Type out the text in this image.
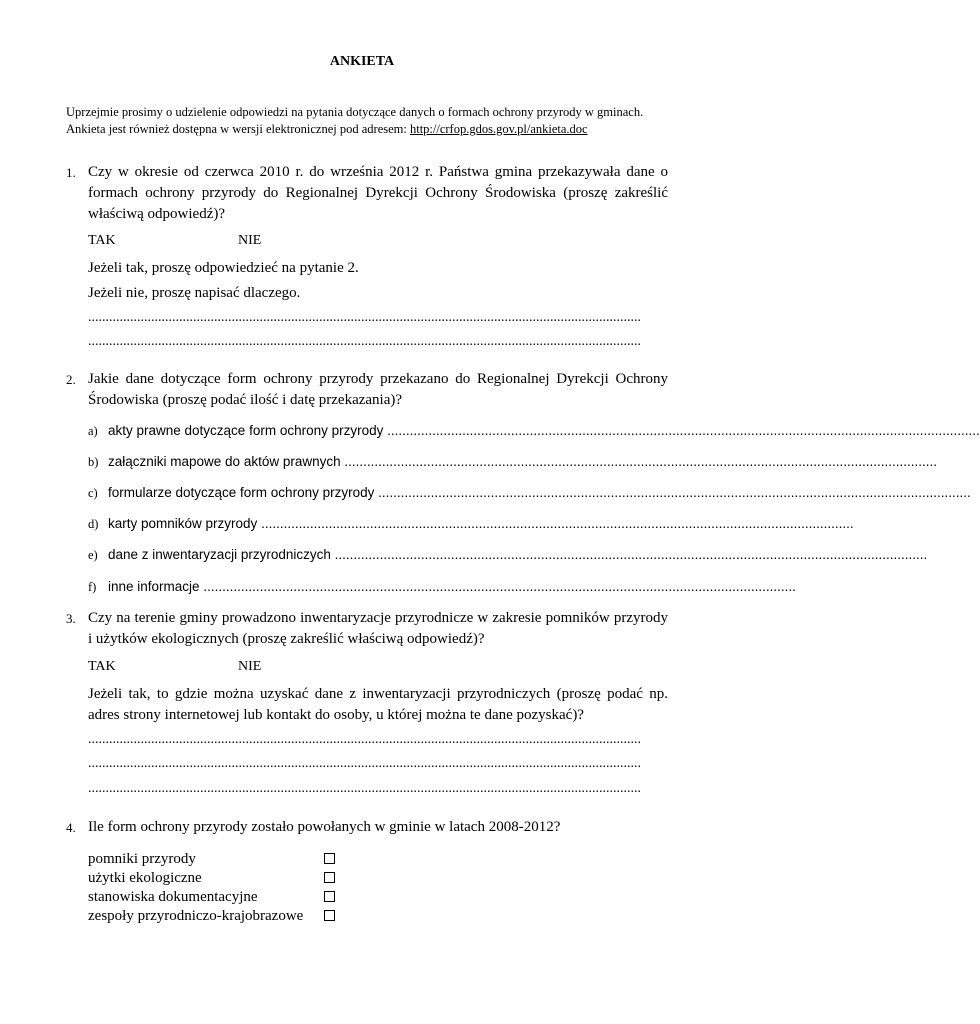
ANKIETA

Uprzejmie prosimy o udzielenie odpowiedzi na pytania dotyczące danych o formach ochrony przyrody w gminach.

Ankieta jest również dostępna w wersji elektronicznej pod adresem: http://crfop.gdos.gov.pl/ankieta.doc

1. Czy w okresie od czerwca 2010 r. do września 2012 r. Państwa gmina przekazywała dane o formach ochrony przyrody do Regionalnej Dyrekcji Ochrony Środowiska (proszę zakreślić właściwą odpowiedź)?
TAK	NIE
Jeżeli tak, proszę odpowiedzieć na pytanie 2.
Jeżeli nie, proszę napisać dlaczego.
..............................................................................................................................................................
..............................................................................................................................................................
2. Jakie dane dotyczące form ochrony przyrody przekazano do Regionalnej Dyrekcji Ochrony Środowiska (proszę podać ilość i datę przekazania)?
a) akty prawne dotyczące form ochrony przyrody ..............................................................................................................................................................
b) załączniki mapowe do aktów prawnych ..............................................................................................................................................................
c) formularze dotyczące form ochrony przyrody ..............................................................................................................................................................
d) karty pomników przyrody ..............................................................................................................................................................
e) dane z inwentaryzacji przyrodniczych ..............................................................................................................................................................
f) inne informacje ..............................................................................................................................................................
3. Czy na terenie gminy prowadzono inwentaryzacje przyrodnicze w zakresie pomników przyrody i użytków ekologicznych (proszę zakreślić właściwą odpowiedź)?
TAK	NIE
Jeżeli tak, to gdzie można uzyskać dane z inwentaryzacji przyrodniczych (proszę podać np. adres strony internetowej lub kontakt do osoby, u której można te dane pozyskać)?
..............................................................................................................................................................
..............................................................................................................................................................
..............................................................................................................................................................
4. Ile form ochrony przyrody zostało powołanych w gminie w latach 2008-2012?
pomniki przyrody
użytki ekologiczne
stanowiska dokumentacyjne
zespoły przyrodniczo-krajobrazowe
